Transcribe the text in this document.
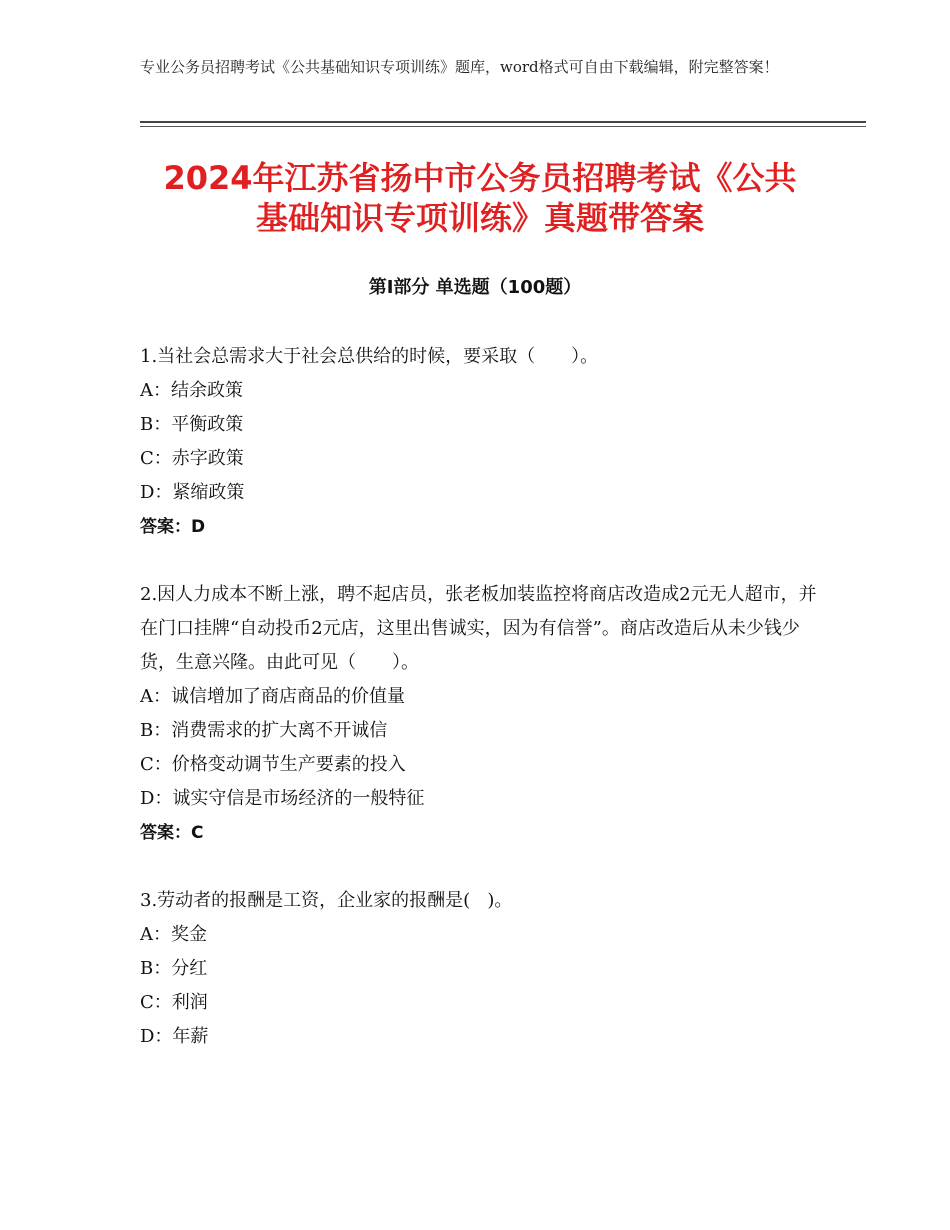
专业公务员招聘考试《公共基础知识专项训练》题库，word格式可自由下载编辑，附完整答案！
2024年江苏省扬中市公务员招聘考试《公共
基础知识专项训练》真题带答案
第Ⅰ部分 单选题（100题）

1.当社会总需求大于社会总供给的时候，要采取（　　）。

A：结余政策

B：平衡政策

C：赤字政策

D：紧缩政策

答案：D

2.因人力成本不断上涨，聘不起店员，张老板加装监控将商店改造成2元无人超市，并在门口挂牌“自动投币2元店，这里出售诚实，因为有信誉”。商店改造后从未少钱少货，生意兴隆。由此可见（　　）。

A：诚信增加了商店商品的价值量

B：消费需求的扩大离不开诚信

C：价格变动调节生产要素的投入

D：诚实守信是市场经济的一般特征

答案：C

3.劳动者的报酬是工资，企业家的报酬是(   )。

A：奖金

B：分红

C：利润

D：年薪
